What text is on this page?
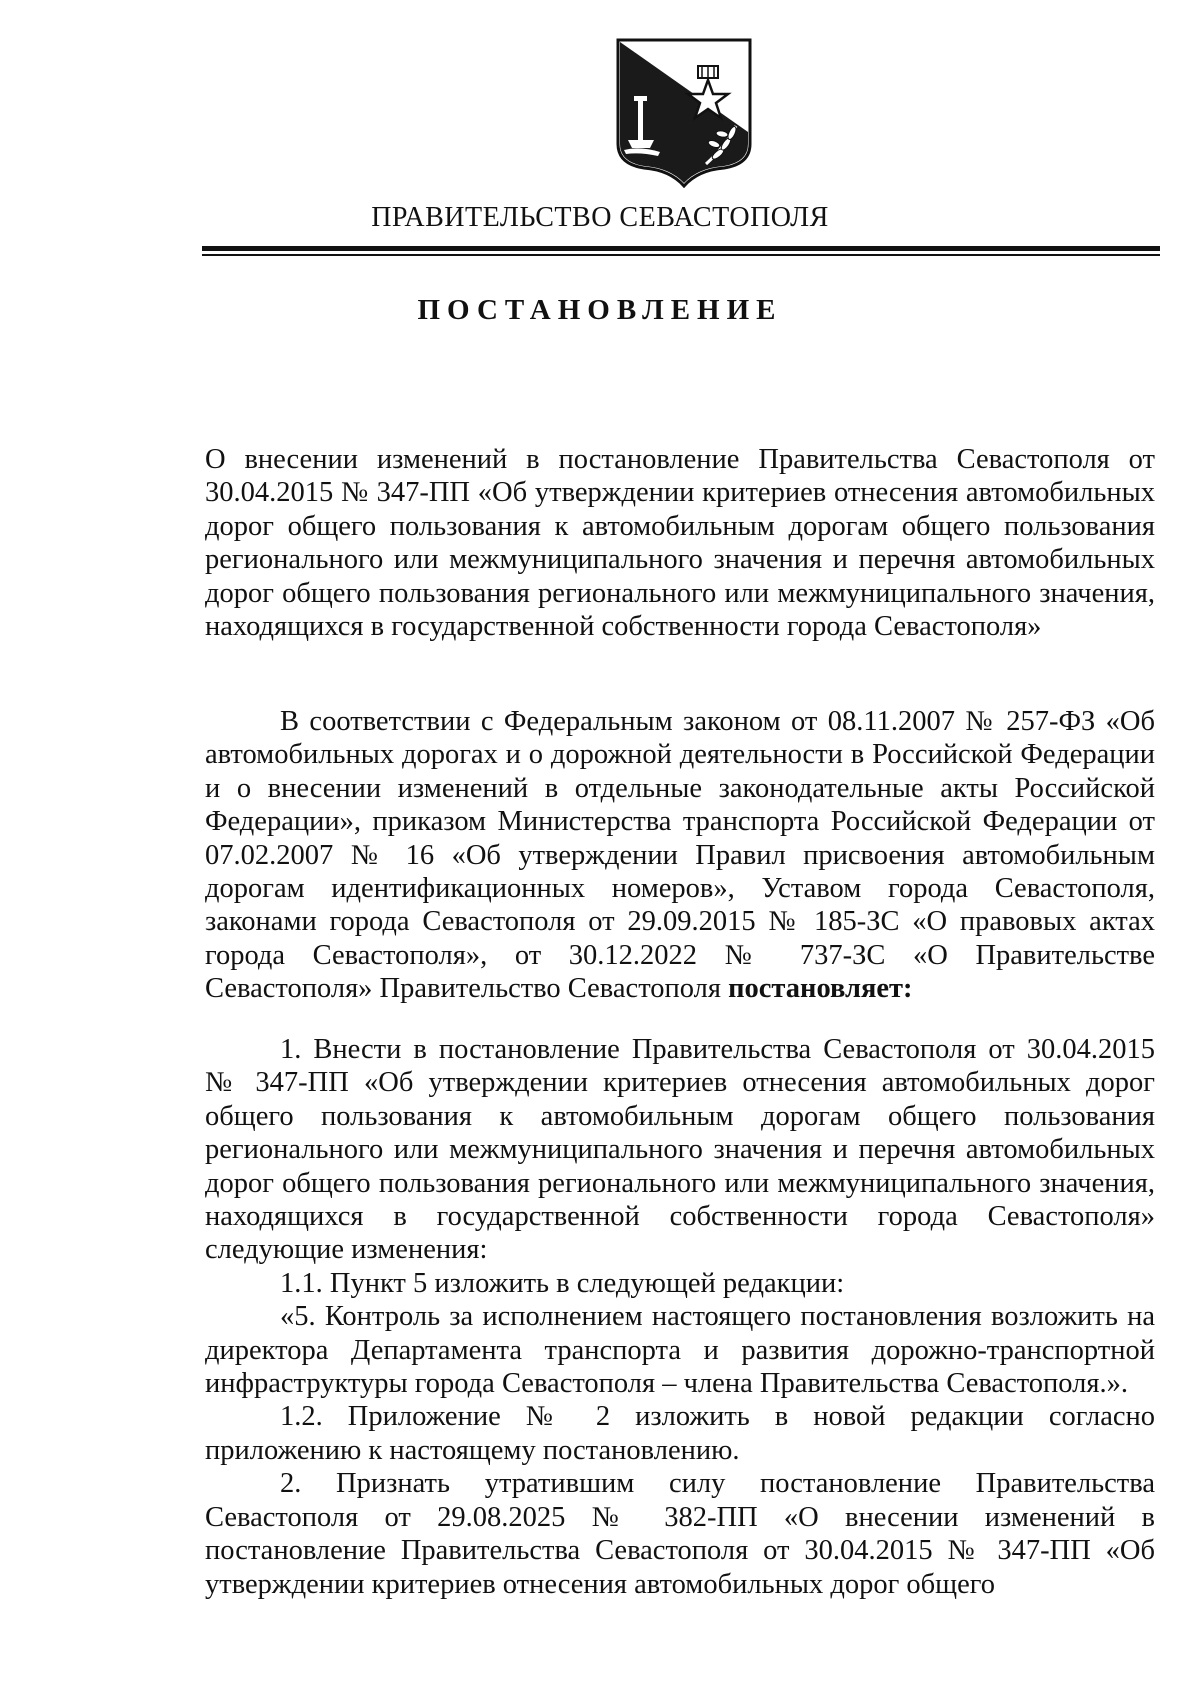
ПРАВИТЕЛЬСТВО СЕВАСТОПОЛЯ
ПОСТАНОВЛЕНИЕ

О внесении изменений в постановление Правительства Севастополя от 30.04.2015 № 347-ПП «Об утверждении критериев отнесения автомобильных дорог общего пользования к автомобильным дорогам общего пользования регионального или межмуниципального значения и перечня автомобильных дорог общего пользования регионального или межмуниципального значения, находящихся в государственной собственности города Севастополя»

В соответствии с Федеральным законом от 08.11.2007 № 257-ФЗ «Об автомобильных дорогах и о дорожной деятельности в Российской Федерации и о внесении изменений в отдельные законодательные акты Российской Федерации», приказом Министерства транспорта Российской Федерации от 07.02.2007 № 16 «Об утверждении Правил присвоения автомобильным дорогам идентификационных номеров», Уставом города Севастополя, законами города Севастополя от 29.09.2015 № 185-ЗС «О правовых актах города Севастополя», от 30.12.2022 № 737-ЗС «О Правительстве Севастополя» Правительство Севастополя постановляет:

1. Внести в постановление Правительства Севастополя от 30.04.2015 № 347-ПП «Об утверждении критериев отнесения автомобильных дорог общего пользования к автомобильным дорогам общего пользования регионального или межмуниципального значения и перечня автомобильных дорог общего пользования регионального или межмуниципального значения, находящихся в государственной собственности города Севастополя» следующие изменения:

1.1. Пункт 5 изложить в следующей редакции:

«5. Контроль за исполнением настоящего постановления возложить на директора Департамента транспорта и развития дорожно-транспортной инфраструктуры города Севастополя – члена Правительства Севастополя.».

1.2. Приложение № 2 изложить в новой редакции согласно приложению к настоящему постановлению.

2. Признать утратившим силу постановление Правительства Севастополя от 29.08.2025 № 382-ПП «О внесении изменений в постановление Правительства Севастополя от 30.04.2015 № 347-ПП «Об утверждении критериев отнесения автомобильных дорог общего
